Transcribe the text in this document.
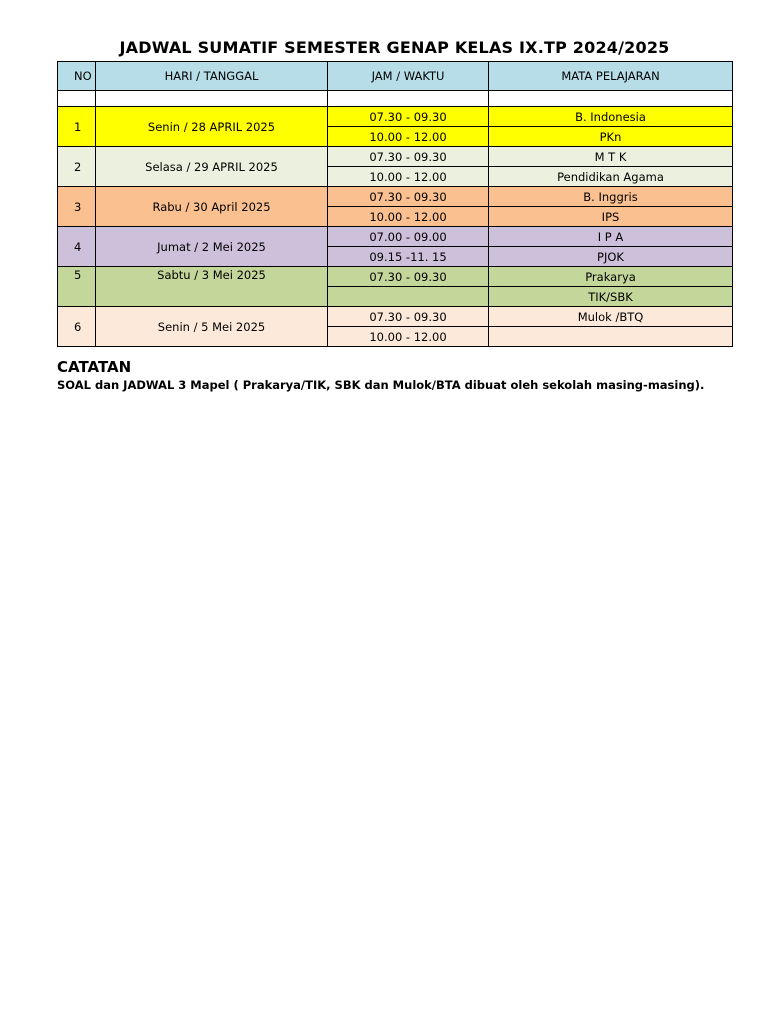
JADWAL SUMATIF SEMESTER GENAP KELAS IX.TP 2024/2025
NO	HARI / TANGGAL	JAM / WAKTU	MATA PELAJARAN

1	Senin / 28 APRIL 2025	07.30 - 09.30	B. Indonesia
		10.00 - 12.00	PKn
2	Selasa / 29 APRIL 2025	07.30 - 09.30	M T K
		10.00 - 12.00	Pendidikan Agama
3	Rabu / 30 April 2025	07.30 - 09.30	B. Inggris
		10.00 - 12.00	IPS
4	Jumat / 2 Mei 2025	07.00 - 09.00	I P A
		09.15 -11. 15	PJOK
5	Sabtu / 3 Mei 2025	07.30 - 09.30	Prakarya
			TIK/SBK
6	Senin / 5 Mei 2025	07.30 - 09.30	Mulok /BTQ
		10.00 - 12.00	
CATATAN
SOAL dan JADWAL 3 Mapel ( Prakarya/TIK, SBK dan Mulok/BTA dibuat oleh sekolah masing-masing).
